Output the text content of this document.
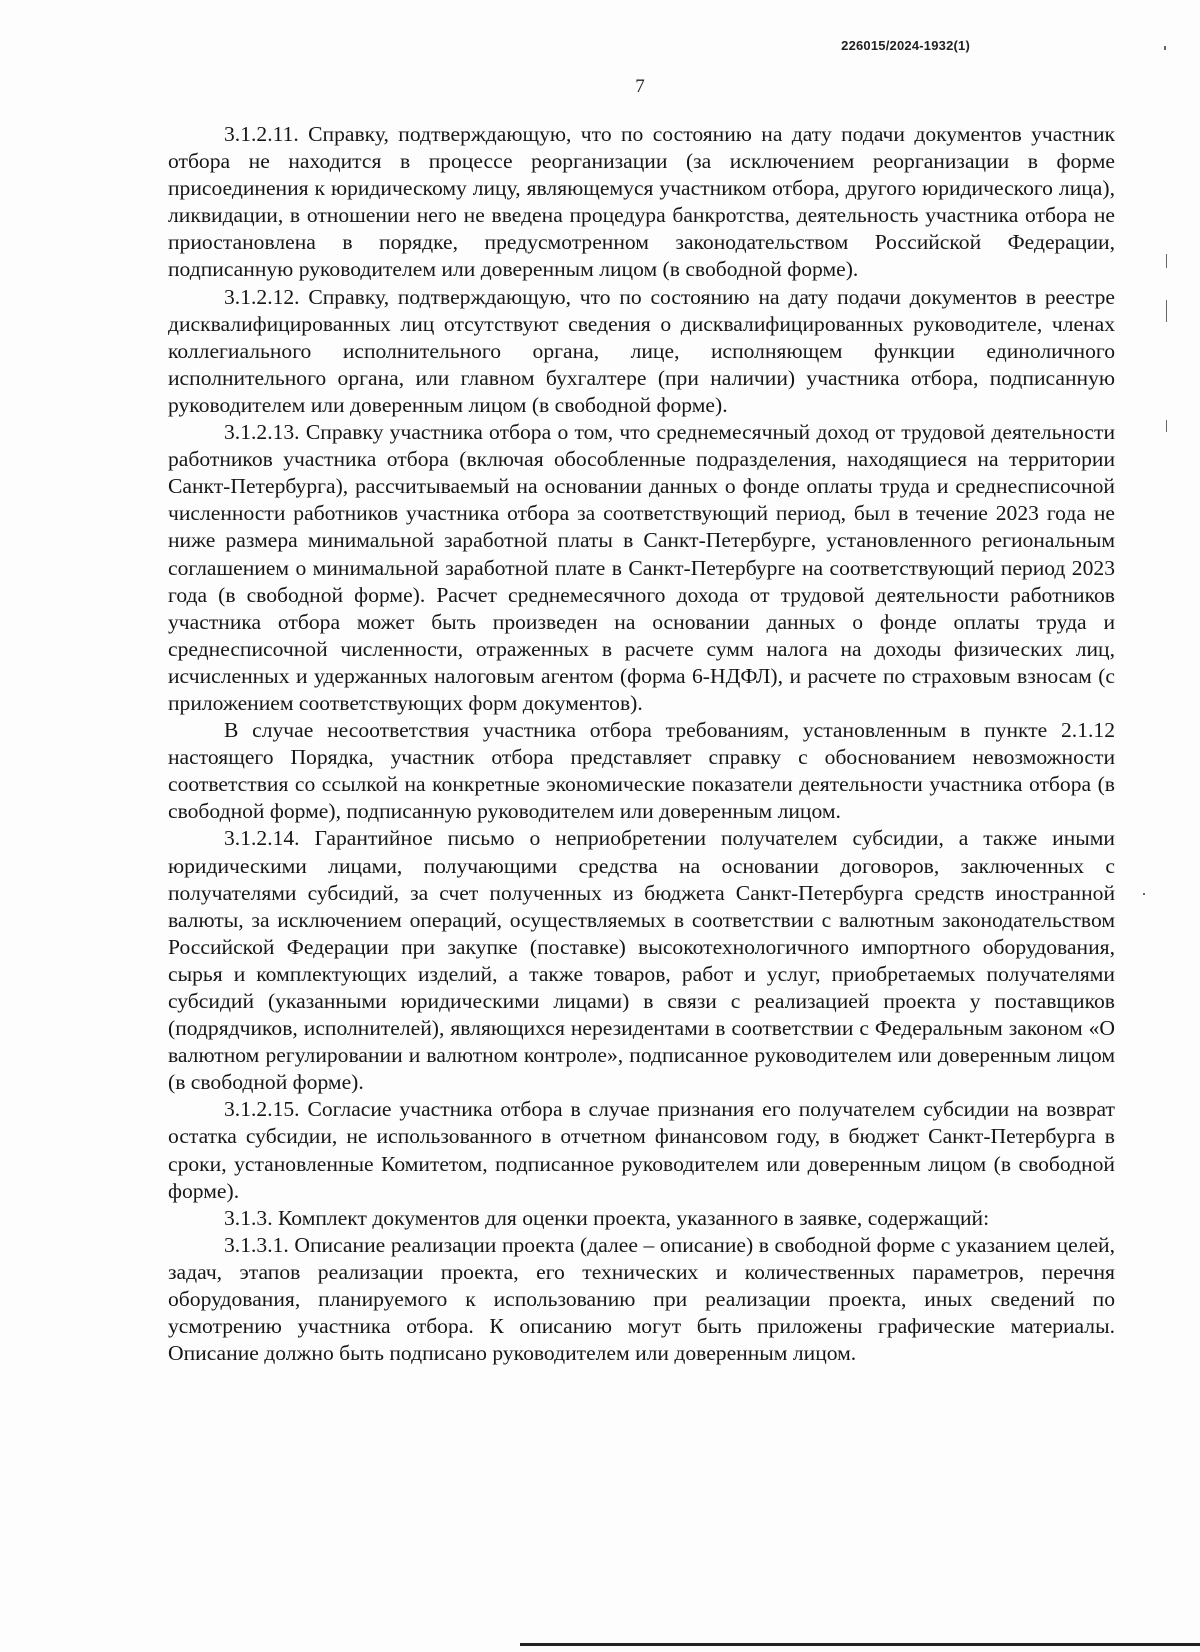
226015/2024-1932(1)
7

3.1.2.11. Справку, подтверждающую, что по состоянию на дату подачи документов участник отбора не находится в процессе реорганизации (за исключением реорганизации в форме присоединения к юридическому лицу, являющемуся участником отбора, другого юридического лица), ликвидации, в отношении него не введена процедура банкротства, деятельность участника отбора не приостановлена в порядке, предусмотренном законодательством Российской Федерации, подписанную руководителем или доверенным лицом (в свободной форме).

3.1.2.12. Справку, подтверждающую, что по состоянию на дату подачи документов в реестре дисквалифицированных лиц отсутствуют сведения о дисквалифицированных руководителе, членах коллегиального исполнительного органа, лице, исполняющем функции единоличного исполнительного органа, или главном бухгалтере (при наличии) участника отбора, подписанную руководителем или доверенным лицом (в свободной форме).

3.1.2.13. Справку участника отбора о том, что среднемесячный доход от трудовой деятельности работников участника отбора (включая обособленные подразделения, находящиеся на территории Санкт-Петербурга), рассчитываемый на основании данных о фонде оплаты труда и среднесписочной численности работников участника отбора за соответствующий период, был в течение 2023 года не ниже размера минимальной заработной платы в Санкт-Петербурге, установленного региональным соглашением о минимальной заработной плате в Санкт-Петербурге на соответствующий период 2023 года (в свободной форме). Расчет среднемесячного дохода от трудовой деятельности работников участника отбора может быть произведен на основании данных о фонде оплаты труда и среднесписочной численности, отраженных в расчете сумм налога на доходы физических лиц, исчисленных и удержанных налоговым агентом (форма 6-НДФЛ), и расчете по страховым взносам (с приложением соответствующих форм документов).

В случае несоответствия участника отбора требованиям, установленным в пункте 2.1.12 настоящего Порядка, участник отбора представляет справку с обоснованием невозможности соответствия со ссылкой на конкретные экономические показатели деятельности участника отбора (в свободной форме), подписанную руководителем или доверенным лицом.

3.1.2.14. Гарантийное письмо о неприобретении получателем субсидии, а также иными юридическими лицами, получающими средства на основании договоров, заключенных с получателями субсидий, за счет полученных из бюджета Санкт-Петербурга средств иностранной валюты, за исключением операций, осуществляемых в соответствии с валютным законодательством Российской Федерации при закупке (поставке) высокотехнологичного импортного оборудования, сырья и комплектующих изделий, а также товаров, работ и услуг, приобретаемых получателями субсидий (указанными юридическими лицами) в связи с реализацией проекта у поставщиков (подрядчиков, исполнителей), являющихся нерезидентами в соответствии с Федеральным законом «О валютном регулировании и валютном контроле», подписанное руководителем или доверенным лицом (в свободной форме).

3.1.2.15. Согласие участника отбора в случае признания его получателем субсидии на возврат остатка субсидии, не использованного в отчетном финансовом году, в бюджет Санкт-Петербурга в сроки, установленные Комитетом, подписанное руководителем или доверенным лицом (в свободной форме).

3.1.3. Комплект документов для оценки проекта, указанного в заявке, содержащий:

3.1.3.1. Описание реализации проекта (далее – описание) в свободной форме с указанием целей, задач, этапов реализации проекта, его технических и количественных параметров, перечня оборудования, планируемого к использованию при реализации проекта, иных сведений по усмотрению участника отбора. К описанию могут быть приложены графические материалы. Описание должно быть подписано руководителем или доверенным лицом.
